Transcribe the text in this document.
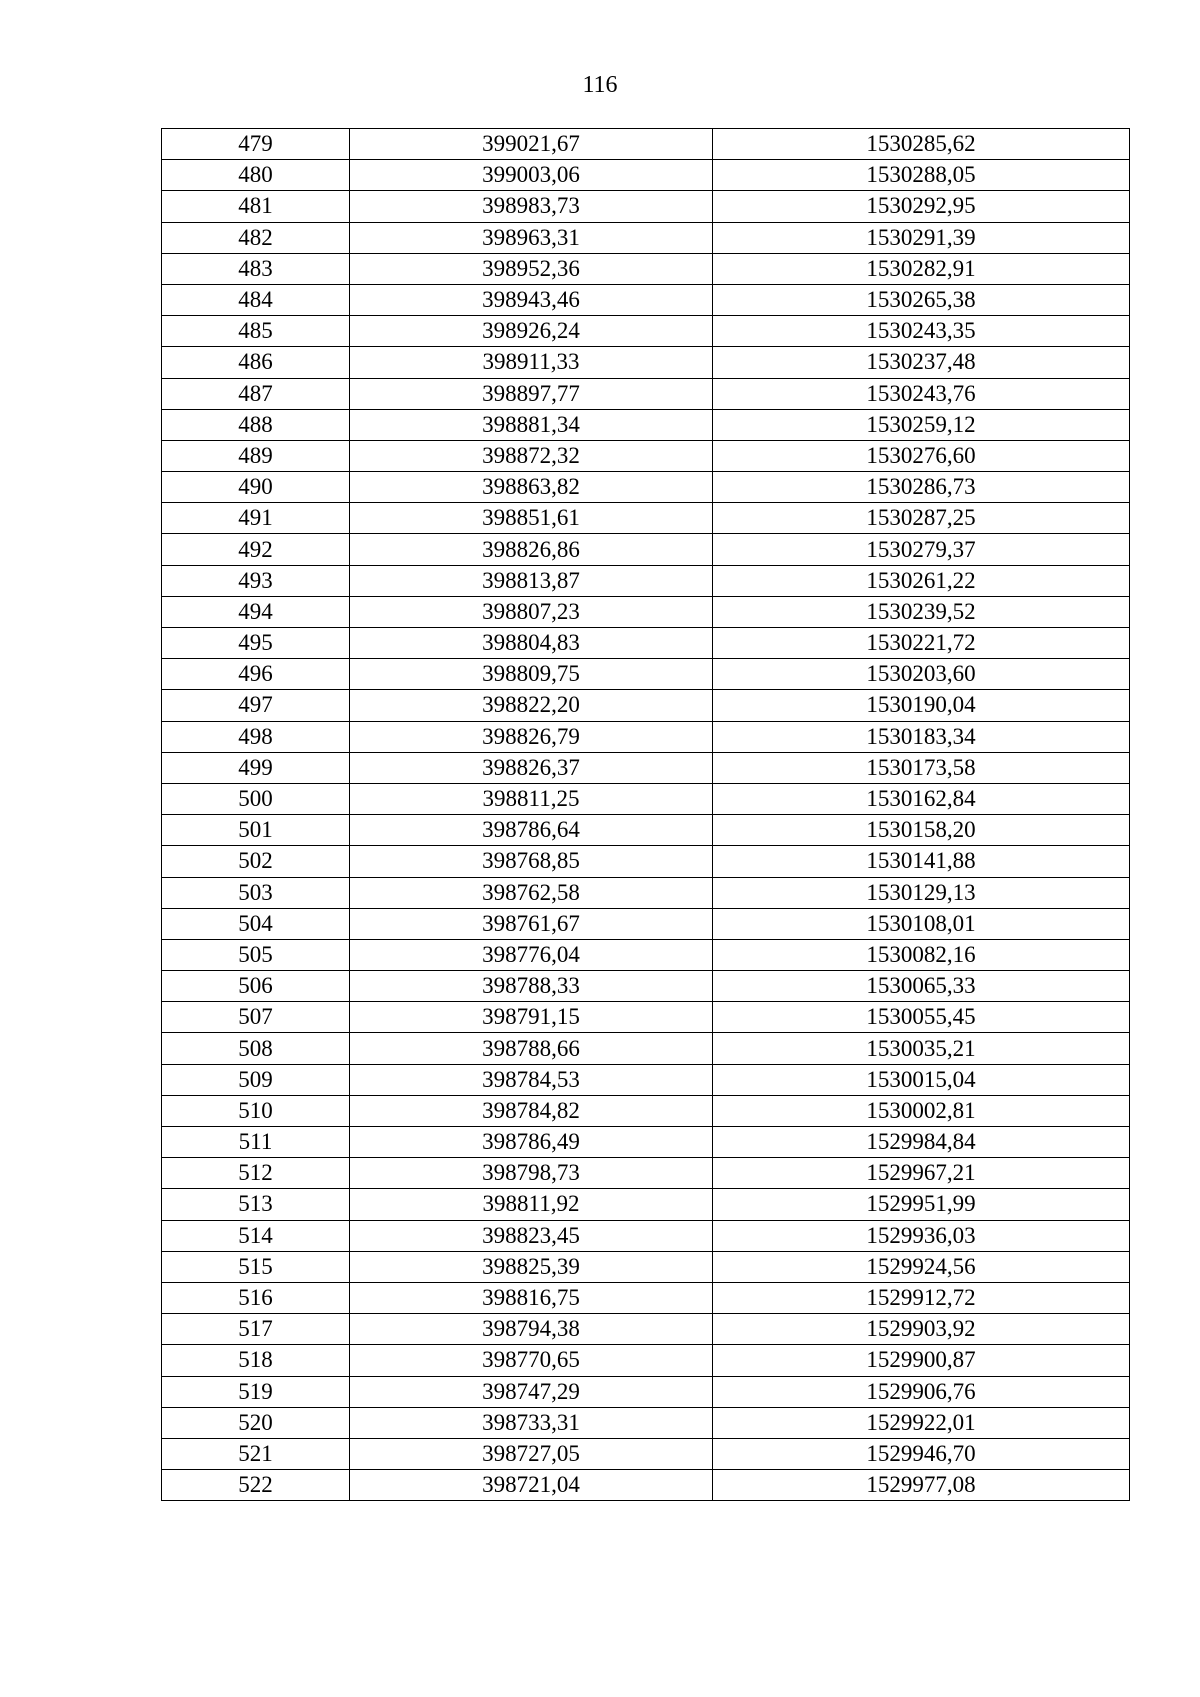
116
479	399021,67	1530285,62
480	399003,06	1530288,05
481	398983,73	1530292,95
482	398963,31	1530291,39
483	398952,36	1530282,91
484	398943,46	1530265,38
485	398926,24	1530243,35
486	398911,33	1530237,48
487	398897,77	1530243,76
488	398881,34	1530259,12
489	398872,32	1530276,60
490	398863,82	1530286,73
491	398851,61	1530287,25
492	398826,86	1530279,37
493	398813,87	1530261,22
494	398807,23	1530239,52
495	398804,83	1530221,72
496	398809,75	1530203,60
497	398822,20	1530190,04
498	398826,79	1530183,34
499	398826,37	1530173,58
500	398811,25	1530162,84
501	398786,64	1530158,20
502	398768,85	1530141,88
503	398762,58	1530129,13
504	398761,67	1530108,01
505	398776,04	1530082,16
506	398788,33	1530065,33
507	398791,15	1530055,45
508	398788,66	1530035,21
509	398784,53	1530015,04
510	398784,82	1530002,81
511	398786,49	1529984,84
512	398798,73	1529967,21
513	398811,92	1529951,99
514	398823,45	1529936,03
515	398825,39	1529924,56
516	398816,75	1529912,72
517	398794,38	1529903,92
518	398770,65	1529900,87
519	398747,29	1529906,76
520	398733,31	1529922,01
521	398727,05	1529946,70
522	398721,04	1529977,08
